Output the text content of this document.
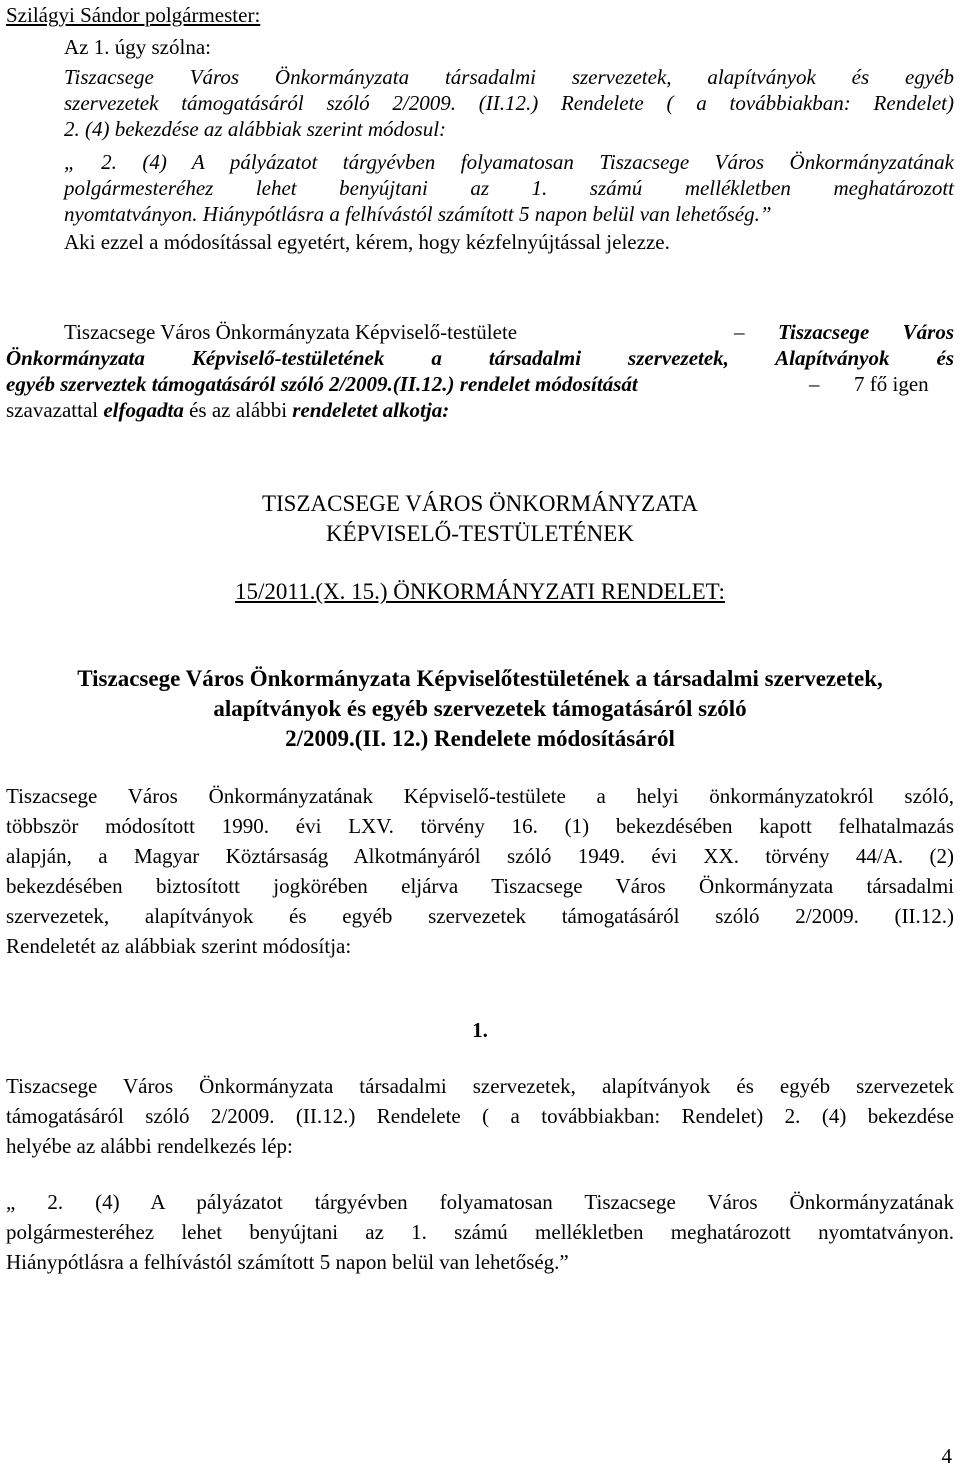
Szilágyi Sándor polgármester:
Az 1. úgy szólna:
Tiszacsege Város Önkormányzata társadalmi szervezetek, alapítványok és egyéb
szervezetek támogatásáról szóló 2/2009. (II.12.) Rendelete ( a továbbiakban: Rendelet)
2. (4) bekezdése az alábbiak szerint módosul:
„ 2. (4) A pályázatot tárgyévben folyamatosan Tiszacsege Város Önkormányzatának
polgármesteréhez lehet benyújtani az 1. számú mellékletben meghatározott
nyomtatványon. Hiánypótlásra a felhívástól számított 5 napon belül van lehetőség.”
Aki ezzel a módosítással egyetért, kérem, hogy kézfelnyújtással jelezze.
Tiszacsege Város Önkormányzata Képviselő-testülete	– Tiszacsege Város
Önkormányzata Képviselő-testületének a társadalmi szervezetek, Alapítványok és
egyéb szerveztek támogatásáról szóló 2/2009.(II.12.) rendelet módosítását	– 7 fő igen
szavazattal elfogadta és az alábbi rendeletet alkotja:
TISZACSEGE VÁROS ÖNKORMÁNYZATA
KÉPVISELŐ-TESTÜLETÉNEK
15/2011.(X. 15.) ÖNKORMÁNYZATI RENDELET:
Tiszacsege Város Önkormányzata Képviselőtestületének a társadalmi szervezetek,
alapítványok és egyéb szervezetek támogatásáról szóló
2/2009.(II. 12.) Rendelete módosításáról
Tiszacsege Város Önkormányzatának Képviselő-testülete a helyi önkormányzatokról szóló,
többször módosított 1990. évi LXV. törvény 16. (1) bekezdésében kapott felhatalmazás
alapján, a Magyar Köztársaság Alkotmányáról szóló 1949. évi XX. törvény 44/A. (2)
bekezdésében biztosított jogkörében eljárva Tiszacsege Város Önkormányzata társadalmi
szervezetek, alapítványok és egyéb szervezetek támogatásáról szóló 2/2009. (II.12.)
Rendeletét az alábbiak szerint módosítja:
1.
Tiszacsege Város Önkormányzata társadalmi szervezetek, alapítványok és egyéb szervezetek
támogatásáról szóló 2/2009. (II.12.) Rendelete ( a továbbiakban: Rendelet) 2. (4) bekezdése
helyébe az alábbi rendelkezés lép:
„ 2. (4) A pályázatot tárgyévben folyamatosan Tiszacsege Város Önkormányzatának
polgármesteréhez lehet benyújtani az 1. számú mellékletben meghatározott nyomtatványon.
Hiánypótlásra a felhívástól számított 5 napon belül van lehetőség.”
4
